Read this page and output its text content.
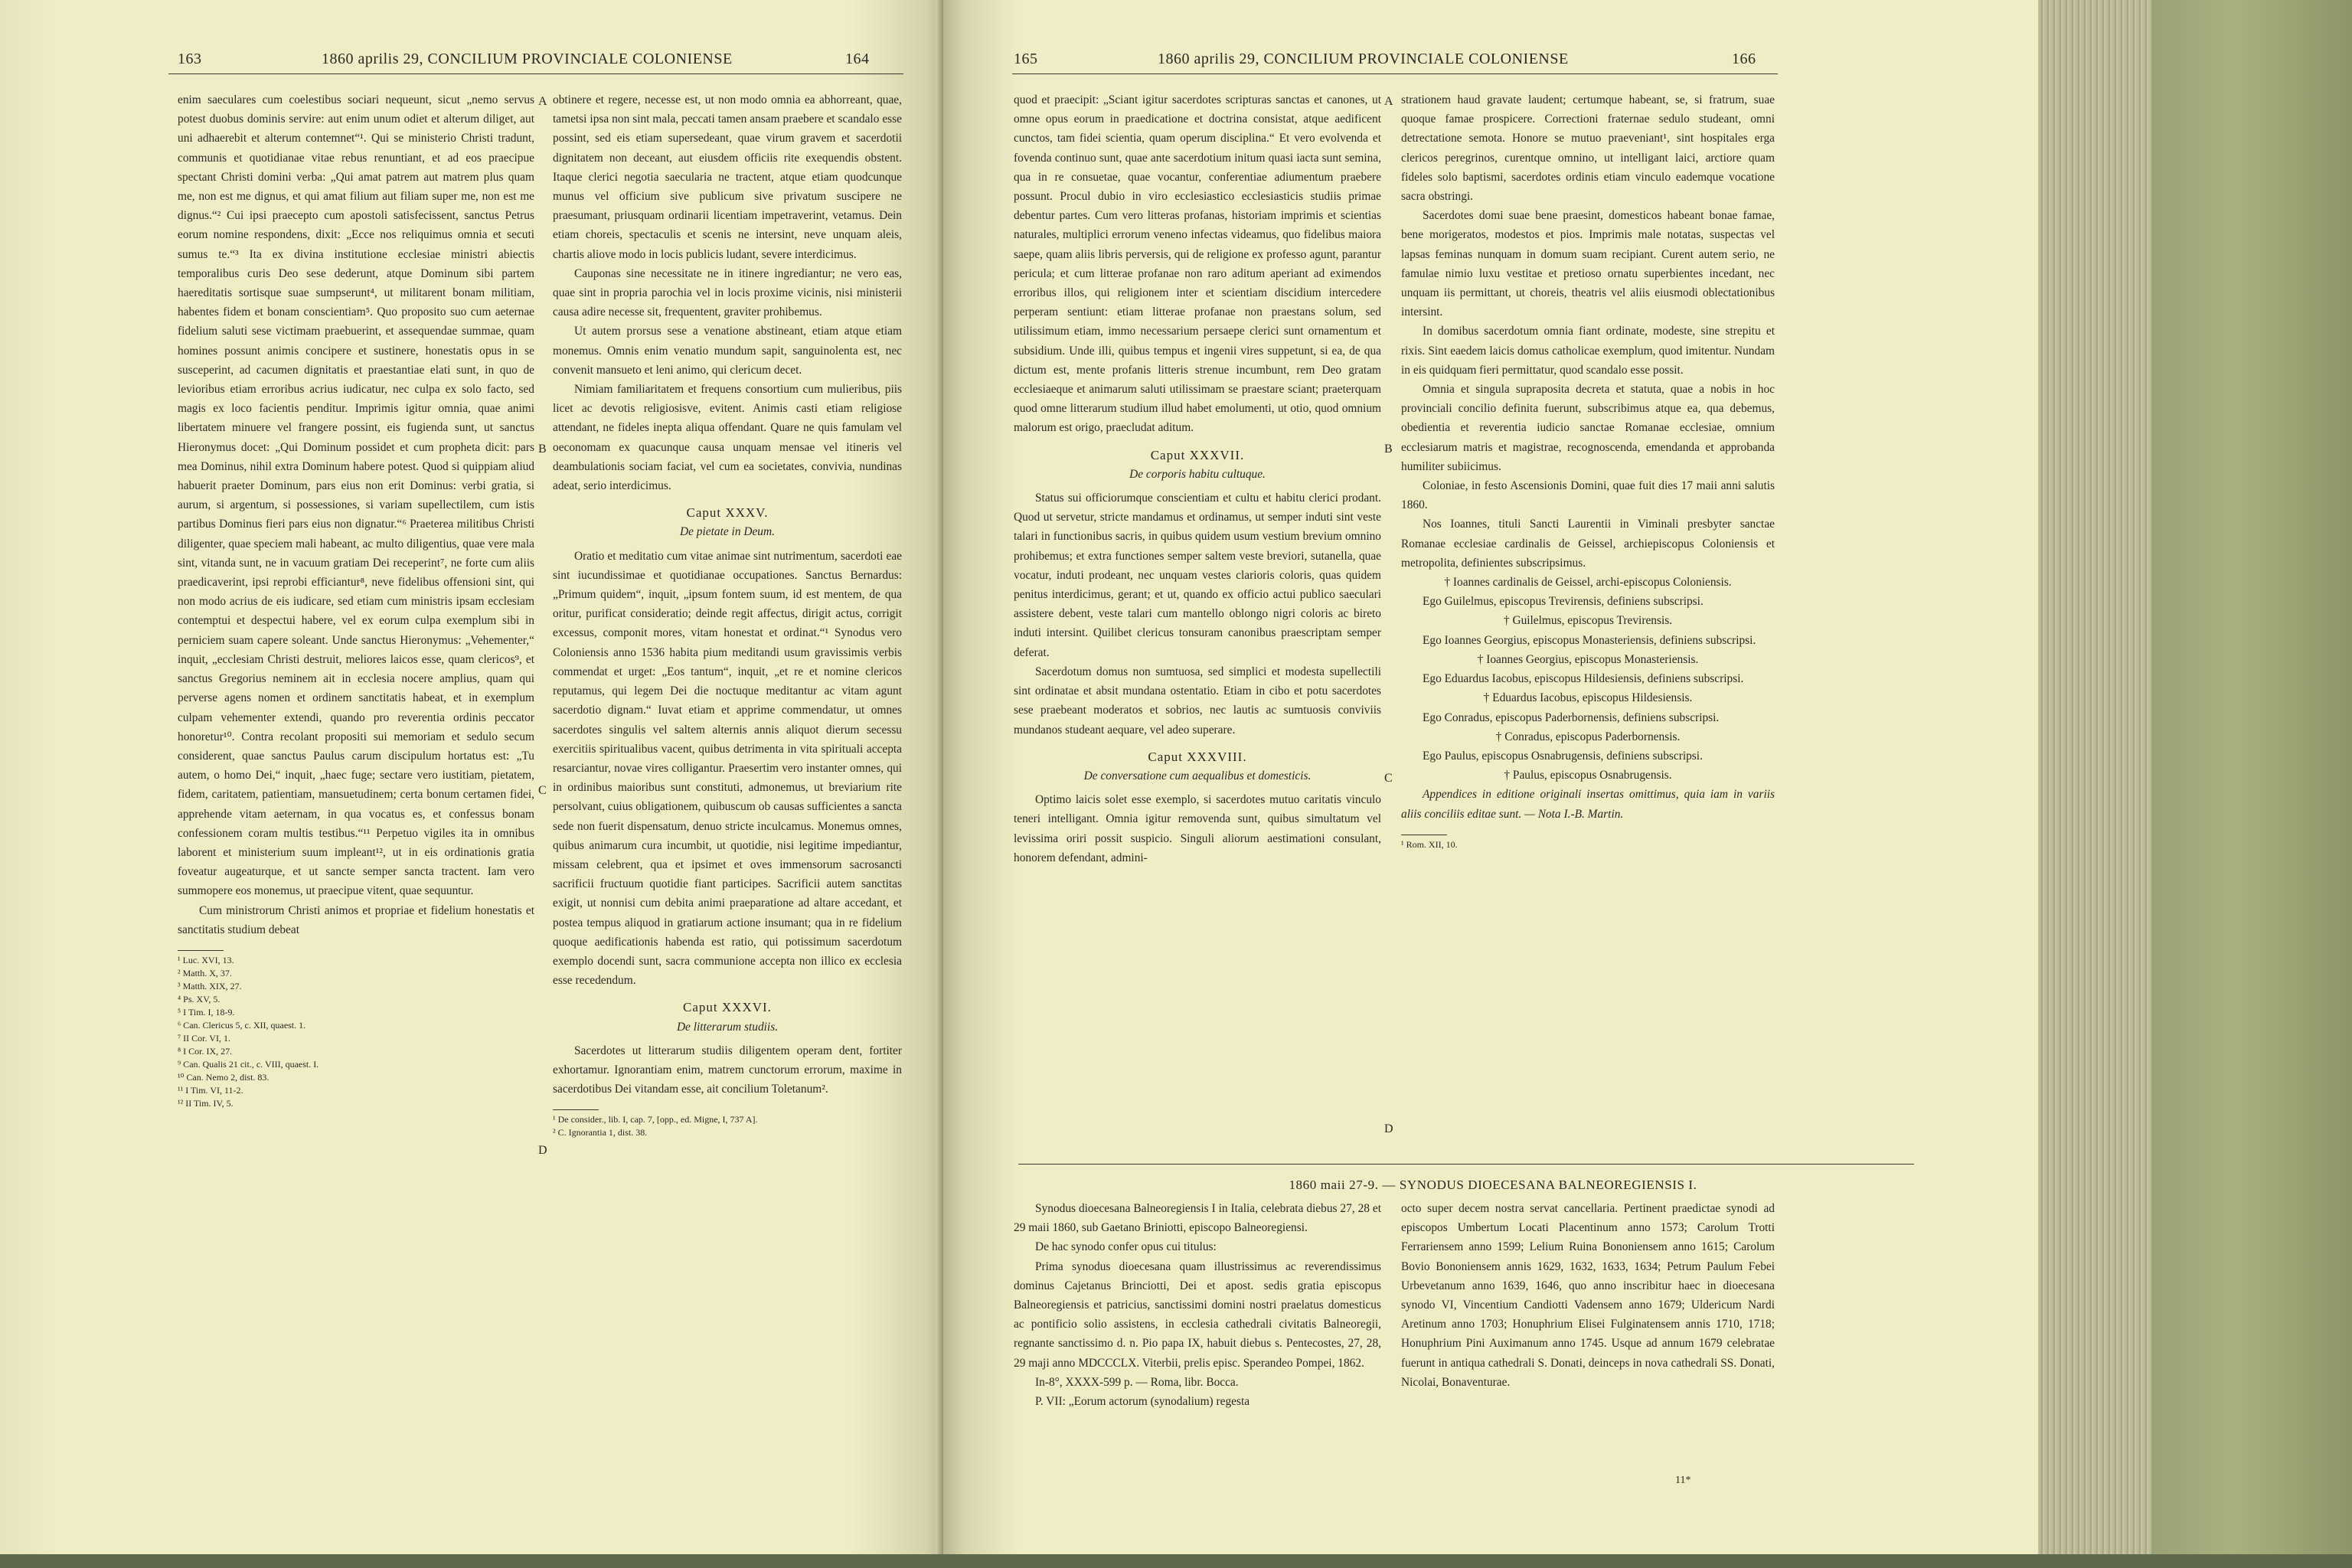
163	1860 aprilis 29, CONCILIUM PROVINCIALE COLONIENSE	164

enim saeculares cum coelestibus sociari nequeunt, sicut „nemo servus potest duobus dominis servire: aut enim unum odiet et alterum diliget, aut uni adhaerebit et alterum contemnet“¹. Qui se ministerio Christi tradunt, communis et quotidianae vitae rebus renuntiant, et ad eos praecipue spectant Christi domini verba: „Qui amat patrem aut matrem plus quam me, non est me dignus, et qui amat filium aut filiam super me, non est me dignus.“² Cui ipsi praecepto cum apostoli satisfecissent, sanctus Petrus eorum nomine respondens, dixit: „Ecce nos reliquimus omnia et secuti sumus te.“³ Ita ex divina institutione ecclesiae ministri abiectis temporalibus curis Deo sese dederunt, atque Dominum sibi partem haereditatis sortisque suae sumpserunt⁴, ut militarent bonam militiam, habentes fidem et bonam conscientiam⁵. Quo proposito suo cum aeternae fidelium saluti sese victimam praebuerint, et assequendae summae, quam homines possunt animis concipere et sustinere, honestatis opus in se susceperint, ad cacumen dignitatis et praestantiae elati sunt, in quo de levioribus etiam erroribus acrius iudicatur, nec culpa ex solo facto, sed magis ex loco facientis penditur. Imprimis igitur omnia, quae animi libertatem minuere vel frangere possint, eis fugienda sunt, ut sanctus Hieronymus docet: „Qui Dominum possidet et cum propheta dicit: pars mea Dominus, nihil extra Dominum habere potest. Quod si quippiam aliud habuerit praeter Dominum, pars eius non erit Dominus: verbi gratia, si aurum, si argentum, si possessiones, si variam supellectilem, cum istis partibus Dominus fieri pars eius non dignatur.“⁶ Praeterea militibus Christi diligenter, quae speciem mali habeant, ac multo diligentius, quae vere mala sint, vitanda sunt, ne in vacuum gratiam Dei receperint⁷, ne forte cum aliis praedicaverint, ipsi reprobi efficiantur⁸, neve fidelibus offensioni sint, qui non modo acrius de eis iudicare, sed etiam cum ministris ipsam ecclesiam contemptui et despectui habere, vel ex eorum culpa exemplum sibi in perniciem suam capere soleant. Unde sanctus Hieronymus: „Vehementer,“ inquit, „ecclesiam Christi destruit, meliores laicos esse, quam clericos⁹, et sanctus Gregorius neminem ait in ecclesia nocere amplius, quam qui perverse agens nomen et ordinem sanctitatis habeat, et in exemplum culpam vehementer extendi, quando pro reverentia ordinis peccator honoretur¹⁰. Contra recolant propositi sui memoriam et sedulo secum considerent, quae sanctus Paulus carum discipulum hortatus est: „Tu autem, o homo Dei,“ inquit, „haec fuge; sectare vero iustitiam, pietatem, fidem, caritatem, patientiam, mansuetudinem; certa bonum certamen fidei, apprehende vitam aeternam, in qua vocatus es, et confessus bonam confessionem coram multis testibus.“¹¹ Perpetuo vigiles ita in omnibus laborent et ministerium suum impleant¹², ut in eis ordinationis gratia foveatur augeaturque, et ut sancte semper sancta tractent. Iam vero summopere eos monemus, ut praecipue vitent, quae sequuntur.

Cum ministrorum Christi animos et propriae et fidelium honestatis et sanctitatis studium debeat

¹ Luc. XVI, 13.
² Matth. X, 37.
³ Matth. XIX, 27.
⁴ Ps. XV, 5.
⁵ I Tim. I, 18-9.
⁶ Can. Clericus 5, c. XII, quaest. 1.
⁷ II Cor. VI, 1.
⁸ I Cor. IX, 27.
⁹ Can. Qualis 21 cit., c. VIII, quaest. I.
¹⁰ Can. Nemo 2, dist. 83.
¹¹ I Tim. VI, 11-2.
¹² II Tim. IV, 5.
A
B
C
D

obtinere et regere, necesse est, ut non modo omnia ea abhorreant, quae, tametsi ipsa non sint mala, peccati tamen ansam praebere et scandalo esse possint, sed eis etiam supersedeant, quae virum gravem et sacerdotii dignitatem non deceant, aut eiusdem officiis rite exequendis obstent. Itaque clerici negotia saecularia ne tractent, atque etiam quodcunque munus vel officium sive publicum sive privatum suscipere ne praesumant, priusquam ordinarii licentiam impetraverint, vetamus. Dein etiam choreis, spectaculis et scenis ne intersint, neve unquam aleis, chartis aliove modo in locis publicis ludant, severe interdicimus.

Cauponas sine necessitate ne in itinere ingrediantur; ne vero eas, quae sint in propria parochia vel in locis proxime vicinis, nisi ministerii causa adire necesse sit, frequentent, graviter prohibemus.

Ut autem prorsus sese a venatione abstineant, etiam atque etiam monemus. Omnis enim venatio mundum sapit, sanguinolenta est, nec convenit mansueto et leni animo, qui clericum decet.

Nimiam familiaritatem et frequens consortium cum mulieribus, piis licet ac devotis religiosisve, evitent. Animis casti etiam religiose attendant, ne fideles inepta aliqua offendant. Quare ne quis famulam vel oeconomam ex quacunque causa unquam mensae vel itineris vel deambulationis sociam faciat, vel cum ea societates, convivia, nundinas adeat, serio interdicimus.

Caput XXXV.
De pietate in Deum.

Oratio et meditatio cum vitae animae sint nutrimentum, sacerdoti eae sint iucundissimae et quotidianae occupationes. Sanctus Bernardus: „Primum quidem“, inquit, „ipsum fontem suum, id est mentem, de qua oritur, purificat consideratio; deinde regit affectus, dirigit actus, corrigit excessus, componit mores, vitam honestat et ordinat.“¹ Synodus vero Coloniensis anno 1536 habita pium meditandi usum gravissimis verbis commendat et urget: „Eos tantum“, inquit, „et re et nomine clericos reputamus, qui legem Dei die noctuque meditantur ac vitam agunt sacerdotio dignam.“ Iuvat etiam et apprime commendatur, ut omnes sacerdotes singulis vel saltem alternis annis aliquot dierum secessu exercitiis spiritualibus vacent, quibus detrimenta in vita spirituali accepta resarciantur, novae vires colligantur. Praesertim vero instanter omnes, qui in ordinibus maioribus sunt constituti, admonemus, ut breviarium rite persolvant, cuius obligationem, quibuscum ob causas sufficientes a sancta sede non fuerit dispensatum, denuo stricte inculcamus. Monemus omnes, quibus animarum cura incumbit, ut quotidie, nisi legitime impediantur, missam celebrent, qua et ipsimet et oves immensorum sacrosancti sacrificii fructuum quotidie fiant participes. Sacrificii autem sanctitas exigit, ut nonnisi cum debita animi praeparatione ad altare accedant, et postea tempus aliquod in gratiarum actione insumant; qua in re fidelium quoque aedificationis habenda est ratio, qui potissimum sacerdotum exemplo docendi sunt, sacra communione accepta non illico ex ecclesia esse recedendum.

Caput XXXVI.
De litterarum studiis.

Sacerdotes ut litterarum studiis diligentem operam dent, fortiter exhortamur. Ignorantiam enim, matrem cunctorum errorum, maxime in sacerdotibus Dei vitandam esse, ait concilium Toletanum².

¹ De consider., lib. I, cap. 7, [opp., ed. Migne, I, 737 A].
² C. Ignorantia 1, dist. 38.
165	1860 aprilis 29, CONCILIUM PROVINCIALE COLONIENSE	166

quod et praecipit: „Sciant igitur sacerdotes scripturas sanctas et canones, ut omne opus eorum in praedicatione et doctrina consistat, atque aedificent cunctos, tam fidei scientia, quam operum disciplina.“ Et vero evolvenda et fovenda continuo sunt, quae ante sacerdotium initum quasi iacta sunt semina, qua in re consuetae, quae vocantur, conferentiae adiumentum praebere possunt. Procul dubio in viro ecclesiastico ecclesiasticis studiis primae debentur partes. Cum vero litteras profanas, historiam imprimis et scientias naturales, multiplici errorum veneno infectas videamus, quo fidelibus maiora saepe, quam aliis libris perversis, qui de religione ex professo agunt, parantur pericula; et cum litterae profanae non raro aditum aperiant ad eximendos erroribus illos, qui religionem inter et scientiam discidium intercedere perperam sentiunt: etiam litterae profanae non praestans solum, sed utilissimum etiam, immo necessarium persaepe clerici sunt ornamentum et subsidium. Unde illi, quibus tempus et ingenii vires suppetunt, si ea, de qua dictum est, mente profanis litteris strenue incumbunt, rem Deo gratam ecclesiaeque et animarum saluti utilissimam se praestare sciant; praeterquam quod omne litterarum studium illud habet emolumenti, ut otio, quod omnium malorum est origo, praecludat aditum.

Caput XXXVII.
De corporis habitu cultuque.

Status sui officiorumque conscientiam et cultu et habitu clerici prodant. Quod ut servetur, stricte mandamus et ordinamus, ut semper induti sint veste talari in functionibus sacris, in quibus quidem usum vestium brevium omnino prohibemus; et extra functiones semper saltem veste breviori, sutanella, quae vocatur, induti prodeant, nec unquam vestes clarioris coloris, quas quidem penitus interdicimus, gerant; et ut, quando ex officio actui publico saeculari assistere debent, veste talari cum mantello oblongo nigri coloris ac bireto induti intersint. Quilibet clericus tonsuram canonibus praescriptam semper deferat.

Sacerdotum domus non sumtuosa, sed simplici et modesta supellectili sint ordinatae et absit mundana ostentatio. Etiam in cibo et potu sacerdotes sese praebeant moderatos et sobrios, nec lautis ac sumtuosis conviviis mundanos studeant aequare, vel adeo superare.

Caput XXXVIII.
De conversatione cum aequalibus et domesticis.

Optimo laicis solet esse exemplo, si sacerdotes mutuo caritatis vinculo teneri intelligant. Omnia igitur removenda sunt, quibus simultatum vel levissima oriri possit suspicio. Singuli aliorum aestimationi consulant, honorem defendant, admini-

A
B
C
D

strationem haud gravate laudent; certumque habeant, se, si fratrum, suae quoque famae prospicere. Correctioni fraternae sedulo studeant, omni detrectatione semota. Honore se mutuo praeveniant¹, sint hospitales erga clericos peregrinos, curentque omnino, ut intelligant laici, arctiore quam fideles solo baptismi, sacerdotes ordinis etiam vinculo eademque vocatione sacra obstringi.

Sacerdotes domi suae bene praesint, domesticos habeant bonae famae, bene morigeratos, modestos et pios. Imprimis male notatas, suspectas vel lapsas feminas nunquam in domum suam recipiant. Curent autem serio, ne famulae nimio luxu vestitae et pretioso ornatu superbientes incedant, nec unquam iis permittant, ut choreis, theatris vel aliis eiusmodi oblectationibus intersint.

In domibus sacerdotum omnia fiant ordinate, modeste, sine strepitu et rixis. Sint eaedem laicis domus catholicae exemplum, quod imitentur. Nundam in eis quidquam fieri permittatur, quod scandalo esse possit.

Omnia et singula supraposita decreta et statuta, quae a nobis in hoc provinciali concilio definita fuerunt, subscribimus atque ea, qua debemus, obedientia et reverentia iudicio sanctae Romanae ecclesiae, omnium ecclesiarum matris et magistrae, recognoscenda, emendanda et approbanda humiliter subiicimus.

Coloniae, in festo Ascensionis Domini, quae fuit dies 17 maii anni salutis 1860.

Nos Ioannes, tituli Sancti Laurentii in Viminali presbyter sanctae Romanae ecclesiae cardinalis de Geissel, archiepiscopus Coloniensis et metropolita, definientes subscripsimus.

† Ioannes cardinalis de Geissel, archi-episcopus Coloniensis.

Ego Guilelmus, episcopus Trevirensis, definiens subscripsi.

† Guilelmus, episcopus Trevirensis.

Ego Ioannes Georgius, episcopus Monasteriensis, definiens subscripsi.

† Ioannes Georgius, episcopus Monasteriensis.

Ego Eduardus Iacobus, episcopus Hildesiensis, definiens subscripsi.

† Eduardus Iacobus, episcopus Hildesiensis.

Ego Conradus, episcopus Paderbornensis, definiens subscripsi.

† Conradus, episcopus Paderbornensis.

Ego Paulus, episcopus Osnabrugensis, definiens subscripsi.

† Paulus, episcopus Osnabrugensis.

Appendices in editione originali insertas omittimus, quia iam in variis aliis conciliis editae sunt. — Nota I.-B. Martin.

¹ Rom. XII, 10.

Synodus dioecesana Balneoregiensis I in Italia, celebrata diebus 27, 28 et 29 maii 1860, sub Gaetano Briniotti, episcopo Balneoregiensi.

De hac synodo confer opus cui titulus:

Prima synodus dioecesana quam illustrissimus ac reverendissimus dominus Cajetanus Brinciotti, Dei et apost. sedis gratia episcopus Balneoregiensis et patricius, sanctissimi domini nostri praelatus domesticus ac pontificio solio assistens, in ecclesia cathedrali civitatis Balneoregii, regnante sanctissimo d. n. Pio papa IX, habuit diebus s. Pentecostes, 27, 28, 29 maji anno MDCCCLX. Viterbii, prelis episc. Sperandeo Pompei, 1862.

In-8°, XXXX-599 p. — Roma, libr. Bocca.

P. VII: „Eorum actorum (synodalium) regesta

octo super decem nostra servat cancellaria. Pertinent praedictae synodi ad episcopos Umbertum Locati Placentinum anno 1573; Carolum Trotti Ferrariensem anno 1599; Lelium Ruina Bononiensem anno 1615; Carolum Bovio Bononiensem annis 1629, 1632, 1633, 1634; Petrum Paulum Febei Urbevetanum anno 1639, 1646, quo anno inscribitur haec in dioecesana synodo VI, Vincentium Candiotti Vadensem anno 1679; Uldericum Nardi Aretinum anno 1703; Honuphrium Elisei Fulginatensem annis 1710, 1718; Honuphrium Pini Auximanum anno 1745. Usque ad annum 1679 celebratae fuerunt in antiqua cathedrali S. Donati, deinceps in nova cathedrali SS. Donati, Nicolai, Bonaventurae.

1860 maii 27-9. — SYNODUS DIOECESANA BALNEOREGIENSIS I.
11*
